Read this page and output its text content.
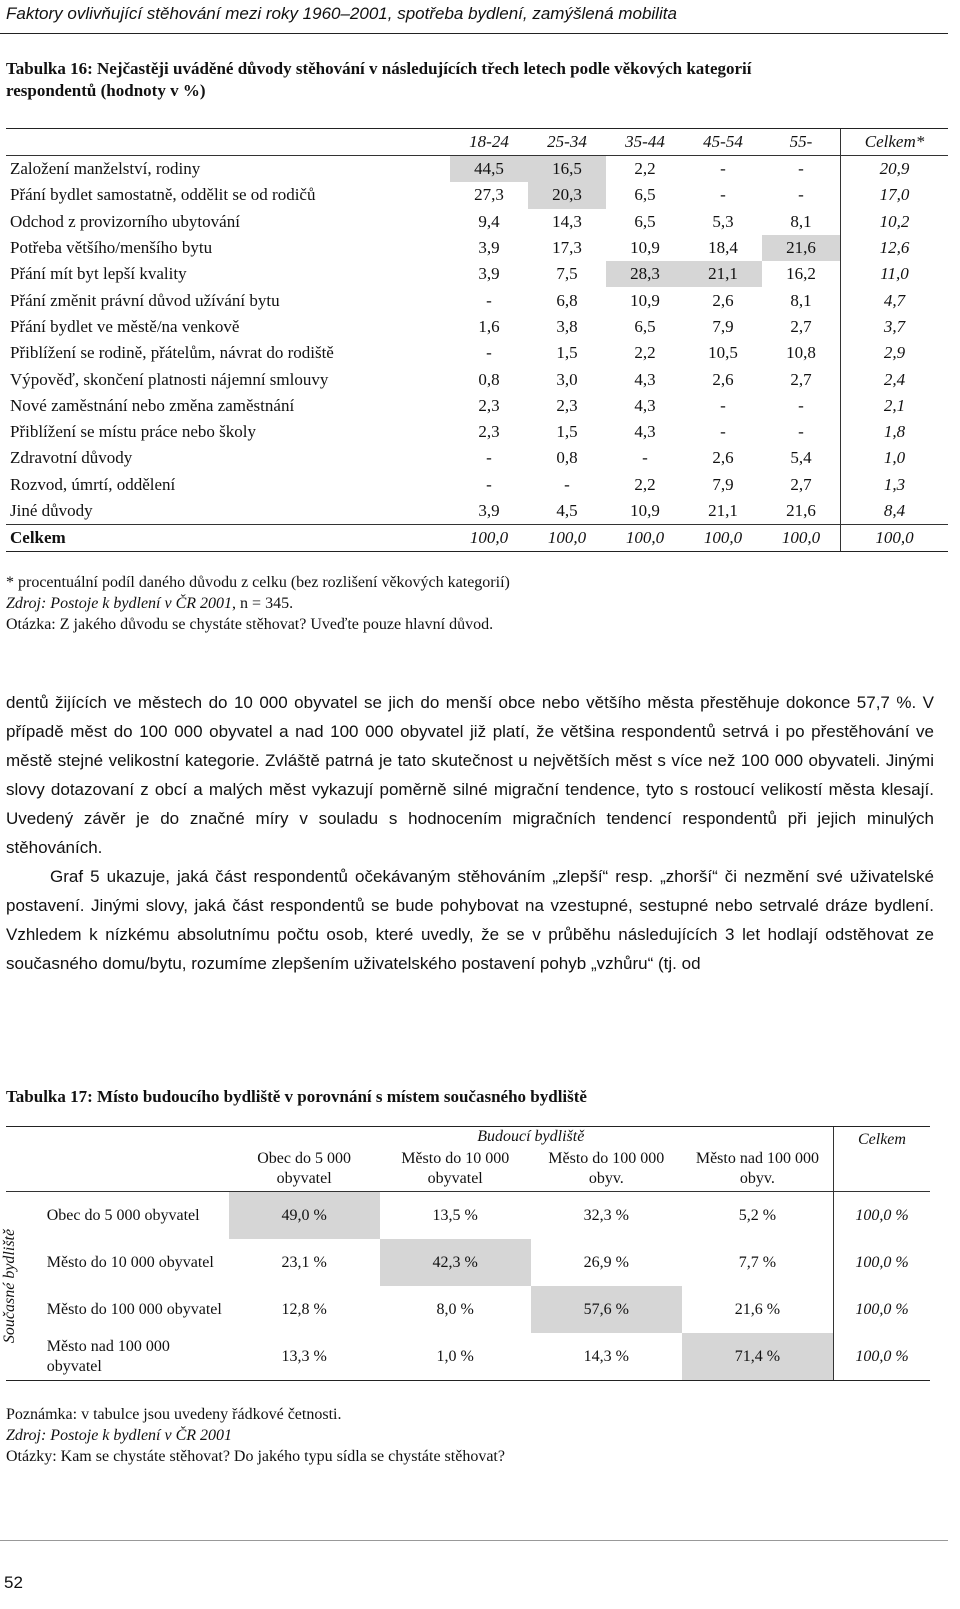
Faktory ovlivňující stěhování mezi roky 1960–2001, spotřeba bydlení, zamýšlená mobilita
Tabulka 16: Nejčastěji uváděné důvody stěhování v následujících třech letech podle věkových kategorií
respondentů (hodnoty v %)
	18-24	25-34	35-44	45-54	55-	Celkem*
Založení manželství, rodiny	44,5	16,5	2,2	-	-	20,9
Přání bydlet samostatně, oddělit se od rodičů	27,3	20,3	6,5	-	-	17,0
Odchod z provizorního ubytování	9,4	14,3	6,5	5,3	8,1	10,2
Potřeba většího/menšího bytu	3,9	17,3	10,9	18,4	21,6	12,6
Přání mít byt lepší kvality	3,9	7,5	28,3	21,1	16,2	11,0
Přání změnit právní důvod užívání bytu	-	6,8	10,9	2,6	8,1	4,7
Přání bydlet ve městě/na venkově	1,6	3,8	6,5	7,9	2,7	3,7
Přiblížení se rodině, přátelům, návrat do rodiště	-	1,5	2,2	10,5	10,8	2,9
Výpověď, skončení platnosti nájemní smlouvy	0,8	3,0	4,3	2,6	2,7	2,4
Nové zaměstnání nebo změna zaměstnání	2,3	2,3	4,3	-	-	2,1
Přiblížení se místu práce nebo školy	2,3	1,5	4,3	-	-	1,8
Zdravotní důvody	-	0,8	-	2,6	5,4	1,0
Rozvod, úmrtí, oddělení	-	-	2,2	7,9	2,7	1,3
Jiné důvody	3,9	4,5	10,9	21,1	21,6	8,4
Celkem	100,0	100,0	100,0	100,0	100,0	100,0
* procentuální podíl daného důvodu z celku (bez rozlišení věkových kategorií)
Zdroj: Postoje k bydlení v ČR 2001, n = 345.
Otázka: Z jakého důvodu se chystáte stěhovat? Uveďte pouze hlavní důvod.

dentů žijících ve městech do 10 000 obyvatel se jich do menší obce nebo většího města přestěhuje dokonce 57,7 %. V případě měst do 100 000 obyvatel a nad 100 000 obyvatel již platí, že většina respondentů setrvá i po přestěhování ve městě stejné velikostní kategorie. Zvláště patrná je tato skutečnost u největších měst s více než 100 000 obyvateli. Jinými slovy dotazovaní z obcí a malých měst vykazují poměrně silné migrační tendence, tyto s rostoucí velikostí města klesají. Uvedený závěr je do značné míry v souladu s hodnocením migračních tendencí respondentů při jejich minulých stěhováních.

Graf 5 ukazuje, jaká část respondentů očekávaným stěhováním „zlepší“ resp. „zhorší“ či nezmění své uživatelské postavení. Jinými slovy, jaká část respondentů se bude pohybovat na vzestupné, sestupné nebo setrvalé dráze bydlení. Vzhledem k nízkému absolutnímu počtu osob, které uvedly, že se v průběhu následujících 3 let hodlají odstěhovat ze současného domu/bytu, rozumíme zlepšením uživatelského postavení pohyb „vzhůru“ (tj. od

Tabulka 17: Místo budoucího bydliště v porovnání s místem současného bydliště
		Budoucí bydliště				Celkem
		Obec do 5 000 obyvatel	Město do 10 000 obyvatel	Město do 100 000 obyv.	Město nad 100 000 obyv.	

Současné bydliště	Obec do 5 000 obyvatel	49,0 %	13,5 %	32,3 %	5,2 %	100,0 %
	Město do 10 000 obyvatel	23,1 %	42,3 %	26,9 %	7,7 %	100,0 %
	Město do 100 000 obyvatel	12,8 %	8,0 %	57,6 %	21,6 %	100,0 %
	Město nad 100 000 obyvatel	13,3 %	1,0 %	14,3 %	71,4 %	100,0 %
Poznámka: v tabulce jsou uvedeny řádkové četnosti.
Zdroj: Postoje k bydlení v ČR 2001
Otázky: Kam se chystáte stěhovat? Do jakého typu sídla se chystáte stěhovat?
52
